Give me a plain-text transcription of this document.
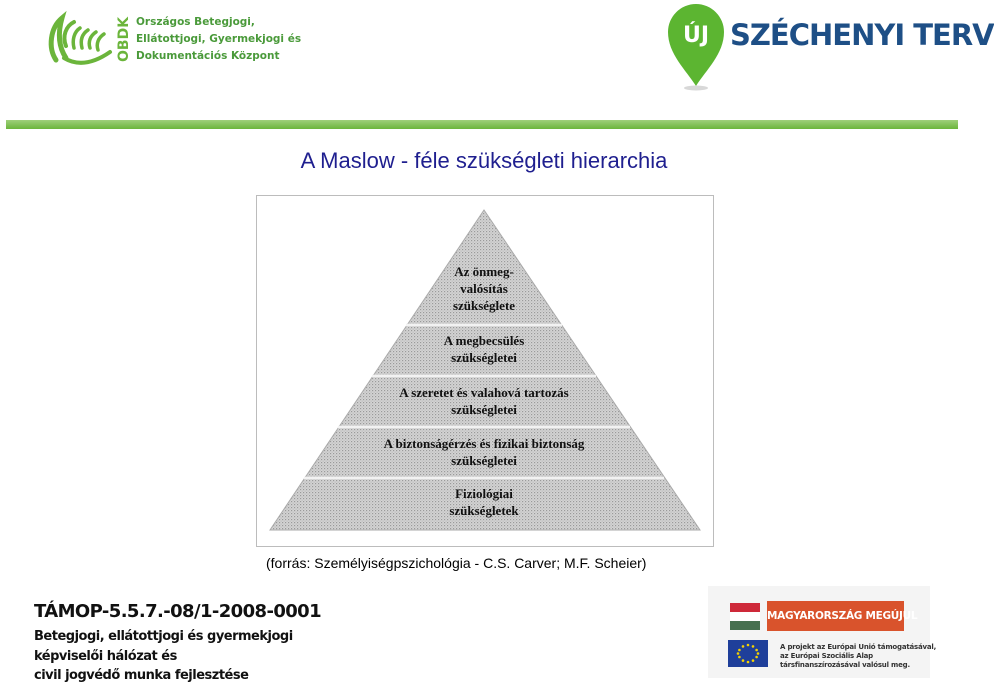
OBDK Országos Betegjogi,
Ellátottjogi, Gyermekjogi és
Dokumentációs Központ
ÚJ SZÉCHENYI TERV
A Maslow - féle szükségleti hierarchia
Az önmeg-
valósítás
szükséglete
A megbecsülés
szükségletei
A szeretet és valahová tartozás
szükségletei
A biztonságérzés és fizikai biztonság
szükségletei
Fiziológiai
szükségletek
(forrás: Személyiségpszichológia - C.S. Carver; M.F. Scheier)
TÁMOP-5.5.7.-08/1-2008-0001
Betegjogi, ellátottjogi és gyermekjogi
képviselői hálózat és
civil jogvédő munka fejlesztése
MAGYARORSZÁG MEGÚJUL
A projekt az Európai Unió támogatásával,
az Európai Szociális Alap
társfinanszírozásával valósul meg.
